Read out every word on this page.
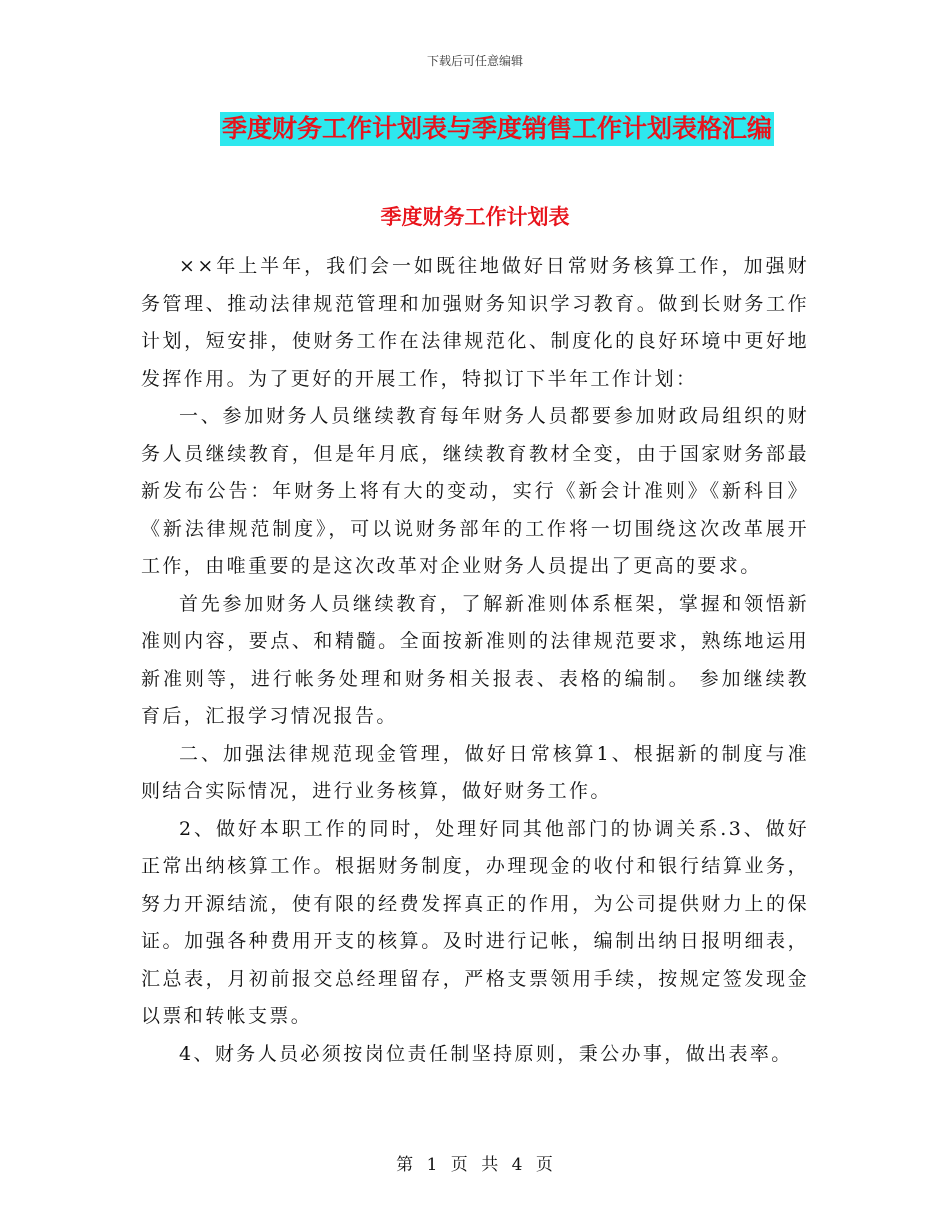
下载后可任意编辑
季度财务工作计划表与季度销售工作计划表格汇编
季度财务工作计划表

××年上半年，我们会一如既往地做好日常财务核算工作，加强财务管理、推动法律规范管理和加强财务知识学习教育。做到长财务工作计划，短安排，使财务工作在法律规范化、制度化的良好环境中更好地发挥作用。为了更好的开展工作，特拟订下半年工作计划：

一、参加财务人员继续教育每年财务人员都要参加财政局组织的财务人员继续教育，但是年月底，继续教育教材全变，由于国家财务部最新发布公告：年财务上将有大的变动，实行《新会计准则》《新科目》《新法律规范制度》，可以说财务部年的工作将一切围绕这次改革展开工作，由唯重要的是这次改革对企业财务人员提出了更高的要求。

首先参加财务人员继续教育，了解新准则体系框架，掌握和领悟新准则内容，要点、和精髓。全面按新准则的法律规范要求，熟练地运用新准则等，进行帐务处理和财务相关报表、表格的编制。 参加继续教育后，汇报学习情况报告。

二、加强法律规范现金管理，做好日常核算1、根据新的制度与准则结合实际情况，进行业务核算，做好财务工作。

2、做好本职工作的同时，处理好同其他部门的协调关系.3、做好正常出纳核算工作。根据财务制度，办理现金的收付和银行结算业务，努力开源结流，使有限的经费发挥真正的作用，为公司提供财力上的保证。加强各种费用开支的核算。及时进行记帐，编制出纳日报明细表，汇总表，月初前报交总经理留存，严格支票领用手续，按规定签发现金以票和转帐支票。

4、财务人员必须按岗位责任制坚持原则，秉公办事，做出表率。

第 1 页 共 4 页
